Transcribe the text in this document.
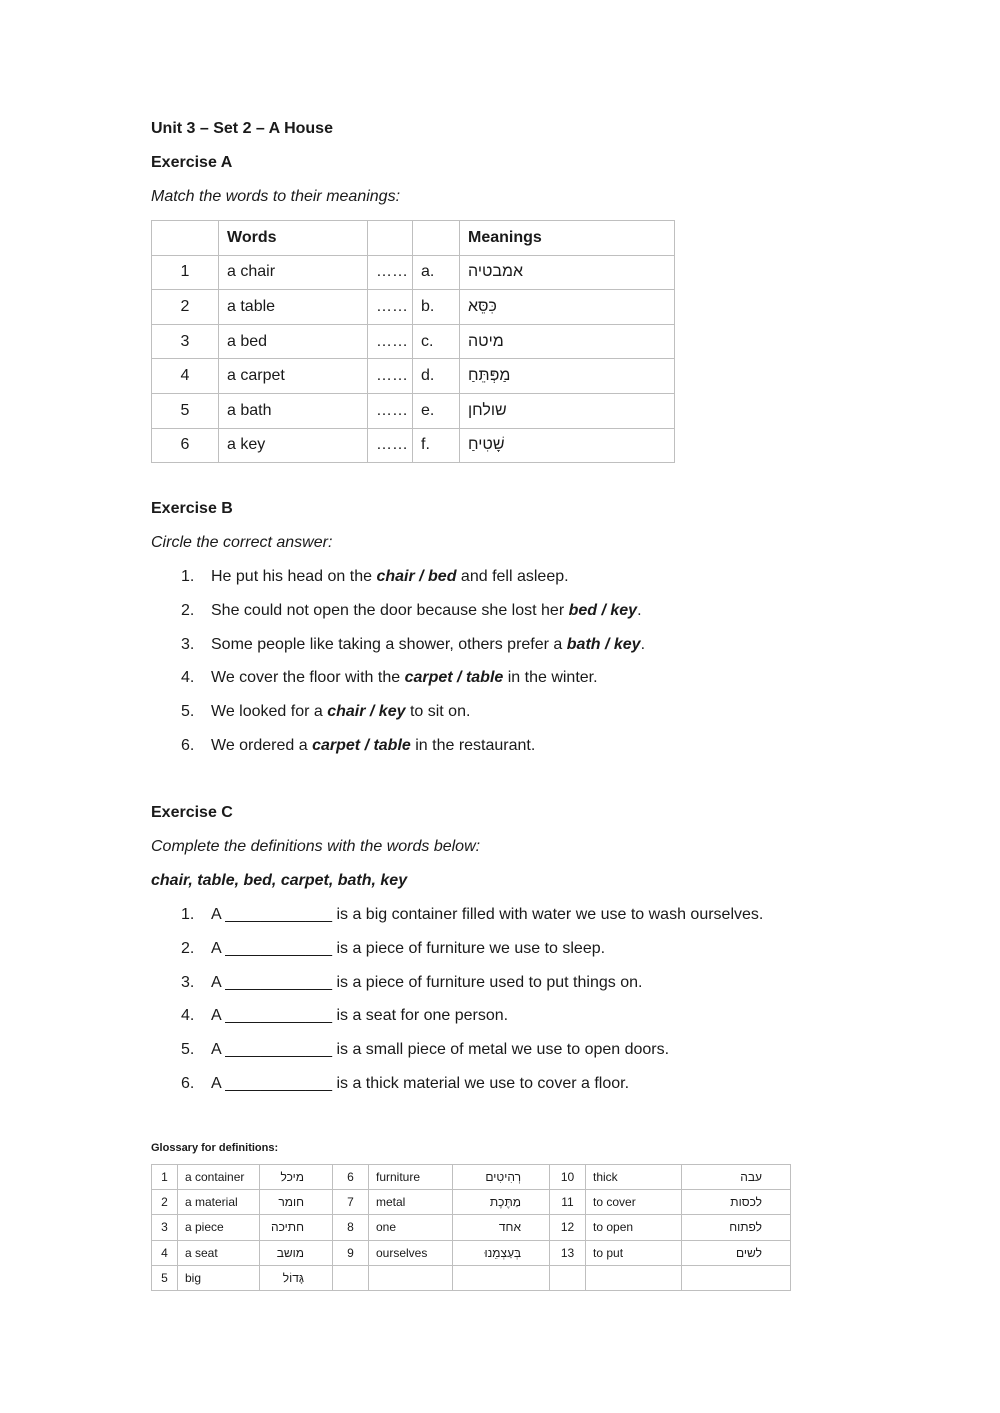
Unit 3 – Set 2 – A House
Exercise A
Match the words to their meanings:
	Words			Meanings
1	a chair	……	a.	אמבטיה
2	a table	……	b.	כִּסֵּא
3	a bed	……	c.	מיטה
4	a carpet	……	d.	מַפְּתֵּחַ
5	a bath	……	e.	שולחן
6	a key	……	f.	שָׁטִיחַ
Exercise B
Circle the correct answer:
1. He put his head on the chair / bed and fell asleep.
2. She could not open the door because she lost her bed / key.
3. Some people like taking a shower, others prefer a bath / key.
4. We cover the floor with the carpet / table in the winter.
5. We looked for a chair / key to sit on.
6. We ordered a carpet / table in the restaurant.
Exercise C
Complete the definitions with the words below:
chair, table, bed, carpet, bath, key
1. A ____________ is a big container filled with water we use to wash ourselves.
2. A ____________ is a piece of furniture we use to sleep.
3. A ____________ is a piece of furniture used to put things on.
4. A ____________ is a seat for one person.
5. A ____________ is a small piece of metal we use to open doors.
6. A ____________ is a thick material we use to cover a floor.
Glossary for definitions:
1	a container	מיכל	6	furniture	רְהִיטִים	10	thick	עבה
2	a material	חומר	7	metal	מַתֶּכֶת	11	to cover	לכסות
3	a piece	חתיכה	8	one	אחד	12	to open	לפתוח
4	a seat	מושב	9	ourselves	בְּעַצְמֵנוּ	13	to put	לשים
5	big	גָּדוֹל						
